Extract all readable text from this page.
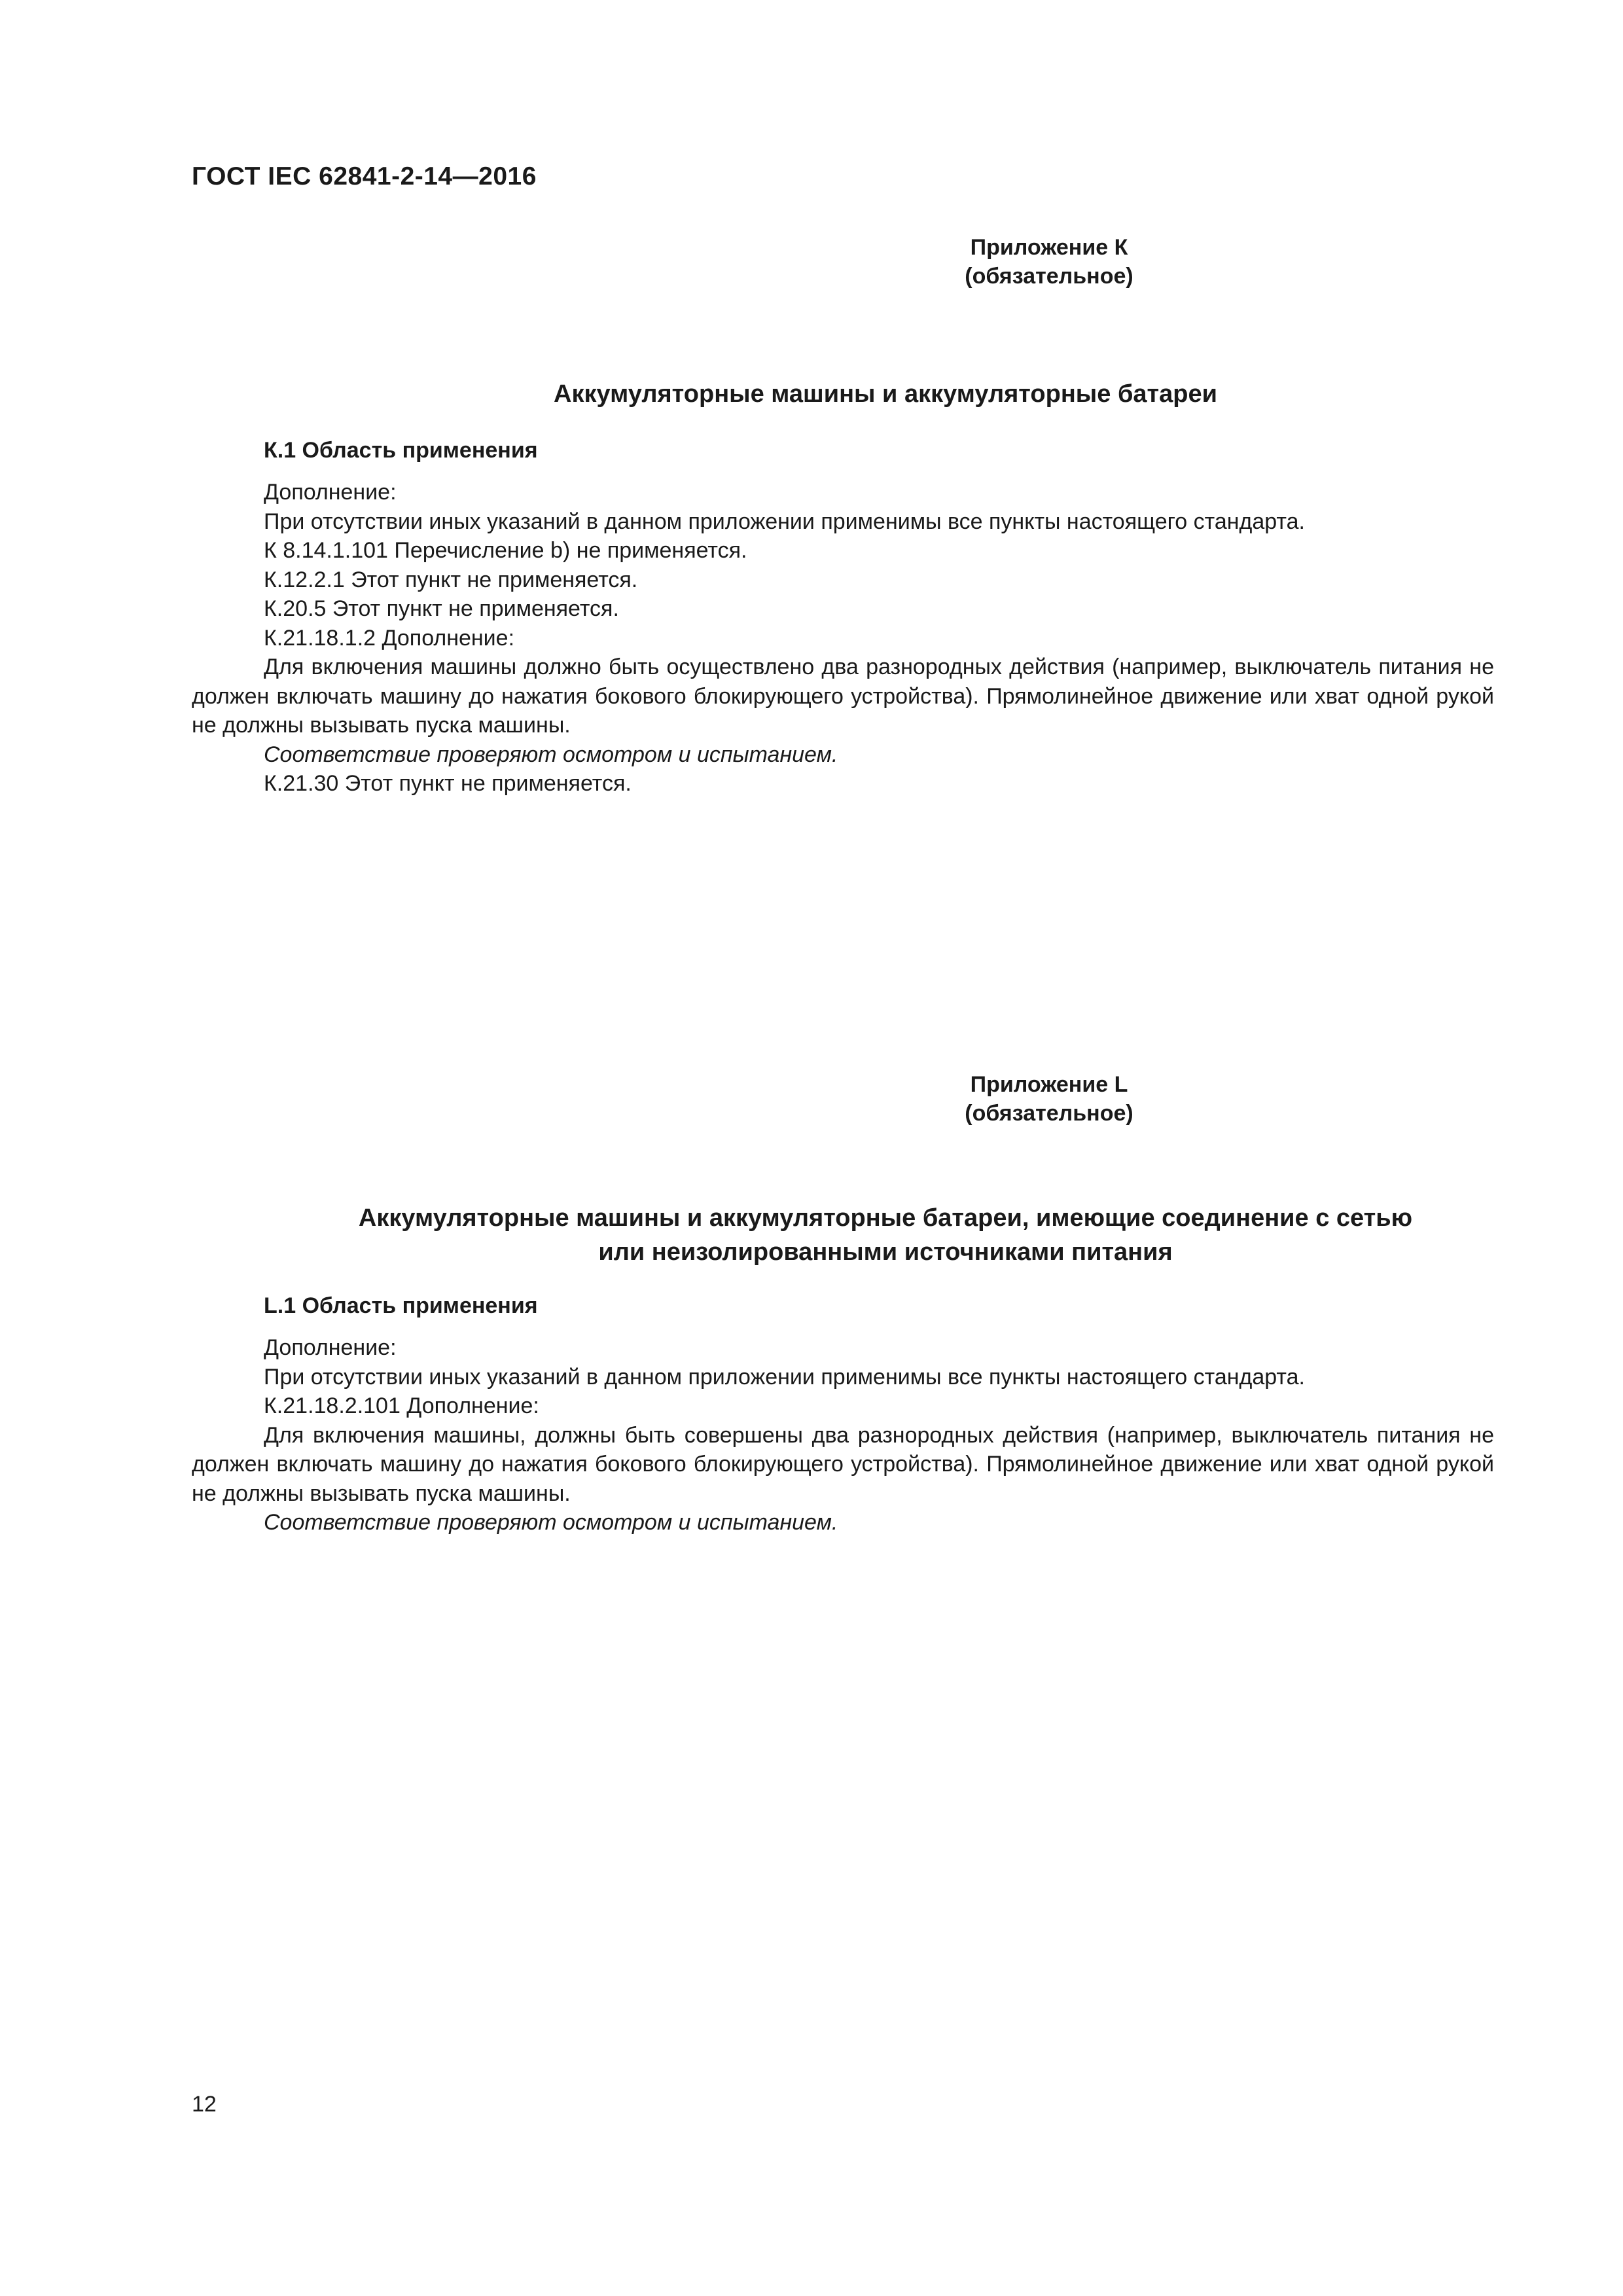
ГОСТ IEC 62841-2-14—2016

Приложение К

(обязательное)

Аккумуляторные машины и аккумуляторные батареи
К.1 Область применения

Дополнение:

При отсутствии иных указаний в данном приложении применимы все пункты настоящего стандарта.

К 8.14.1.101 Перечисление b) не применяется.

К.12.2.1 Этот пункт не применяется.

К.20.5 Этот пункт не применяется.

К.21.18.1.2 Дополнение:

Для включения машины должно быть осуществлено два разнородных действия (например, выключатель питания не должен включать машину до нажатия бокового блокирующего устройства). Прямолинейное движение или хват одной рукой не должны вызывать пуска машины.

Соответствие проверяют осмотром и испытанием.

К.21.30 Этот пункт не применяется.

Приложение L

(обязательное)

Аккумуляторные машины и аккумуляторные батареи, имеющие соединение с сетью
или неизолированными источниками питания
L.1 Область применения

Дополнение:

При отсутствии иных указаний в данном приложении применимы все пункты настоящего стандарта.

К.21.18.2.101 Дополнение:

Для включения машины, должны быть совершены два разнородных действия (например, выключатель питания не должен включать машину до нажатия бокового блокирующего устройства). Прямолинейное движение или хват одной рукой не должны вызывать пуска машины.

Соответствие проверяют осмотром и испытанием.

12
